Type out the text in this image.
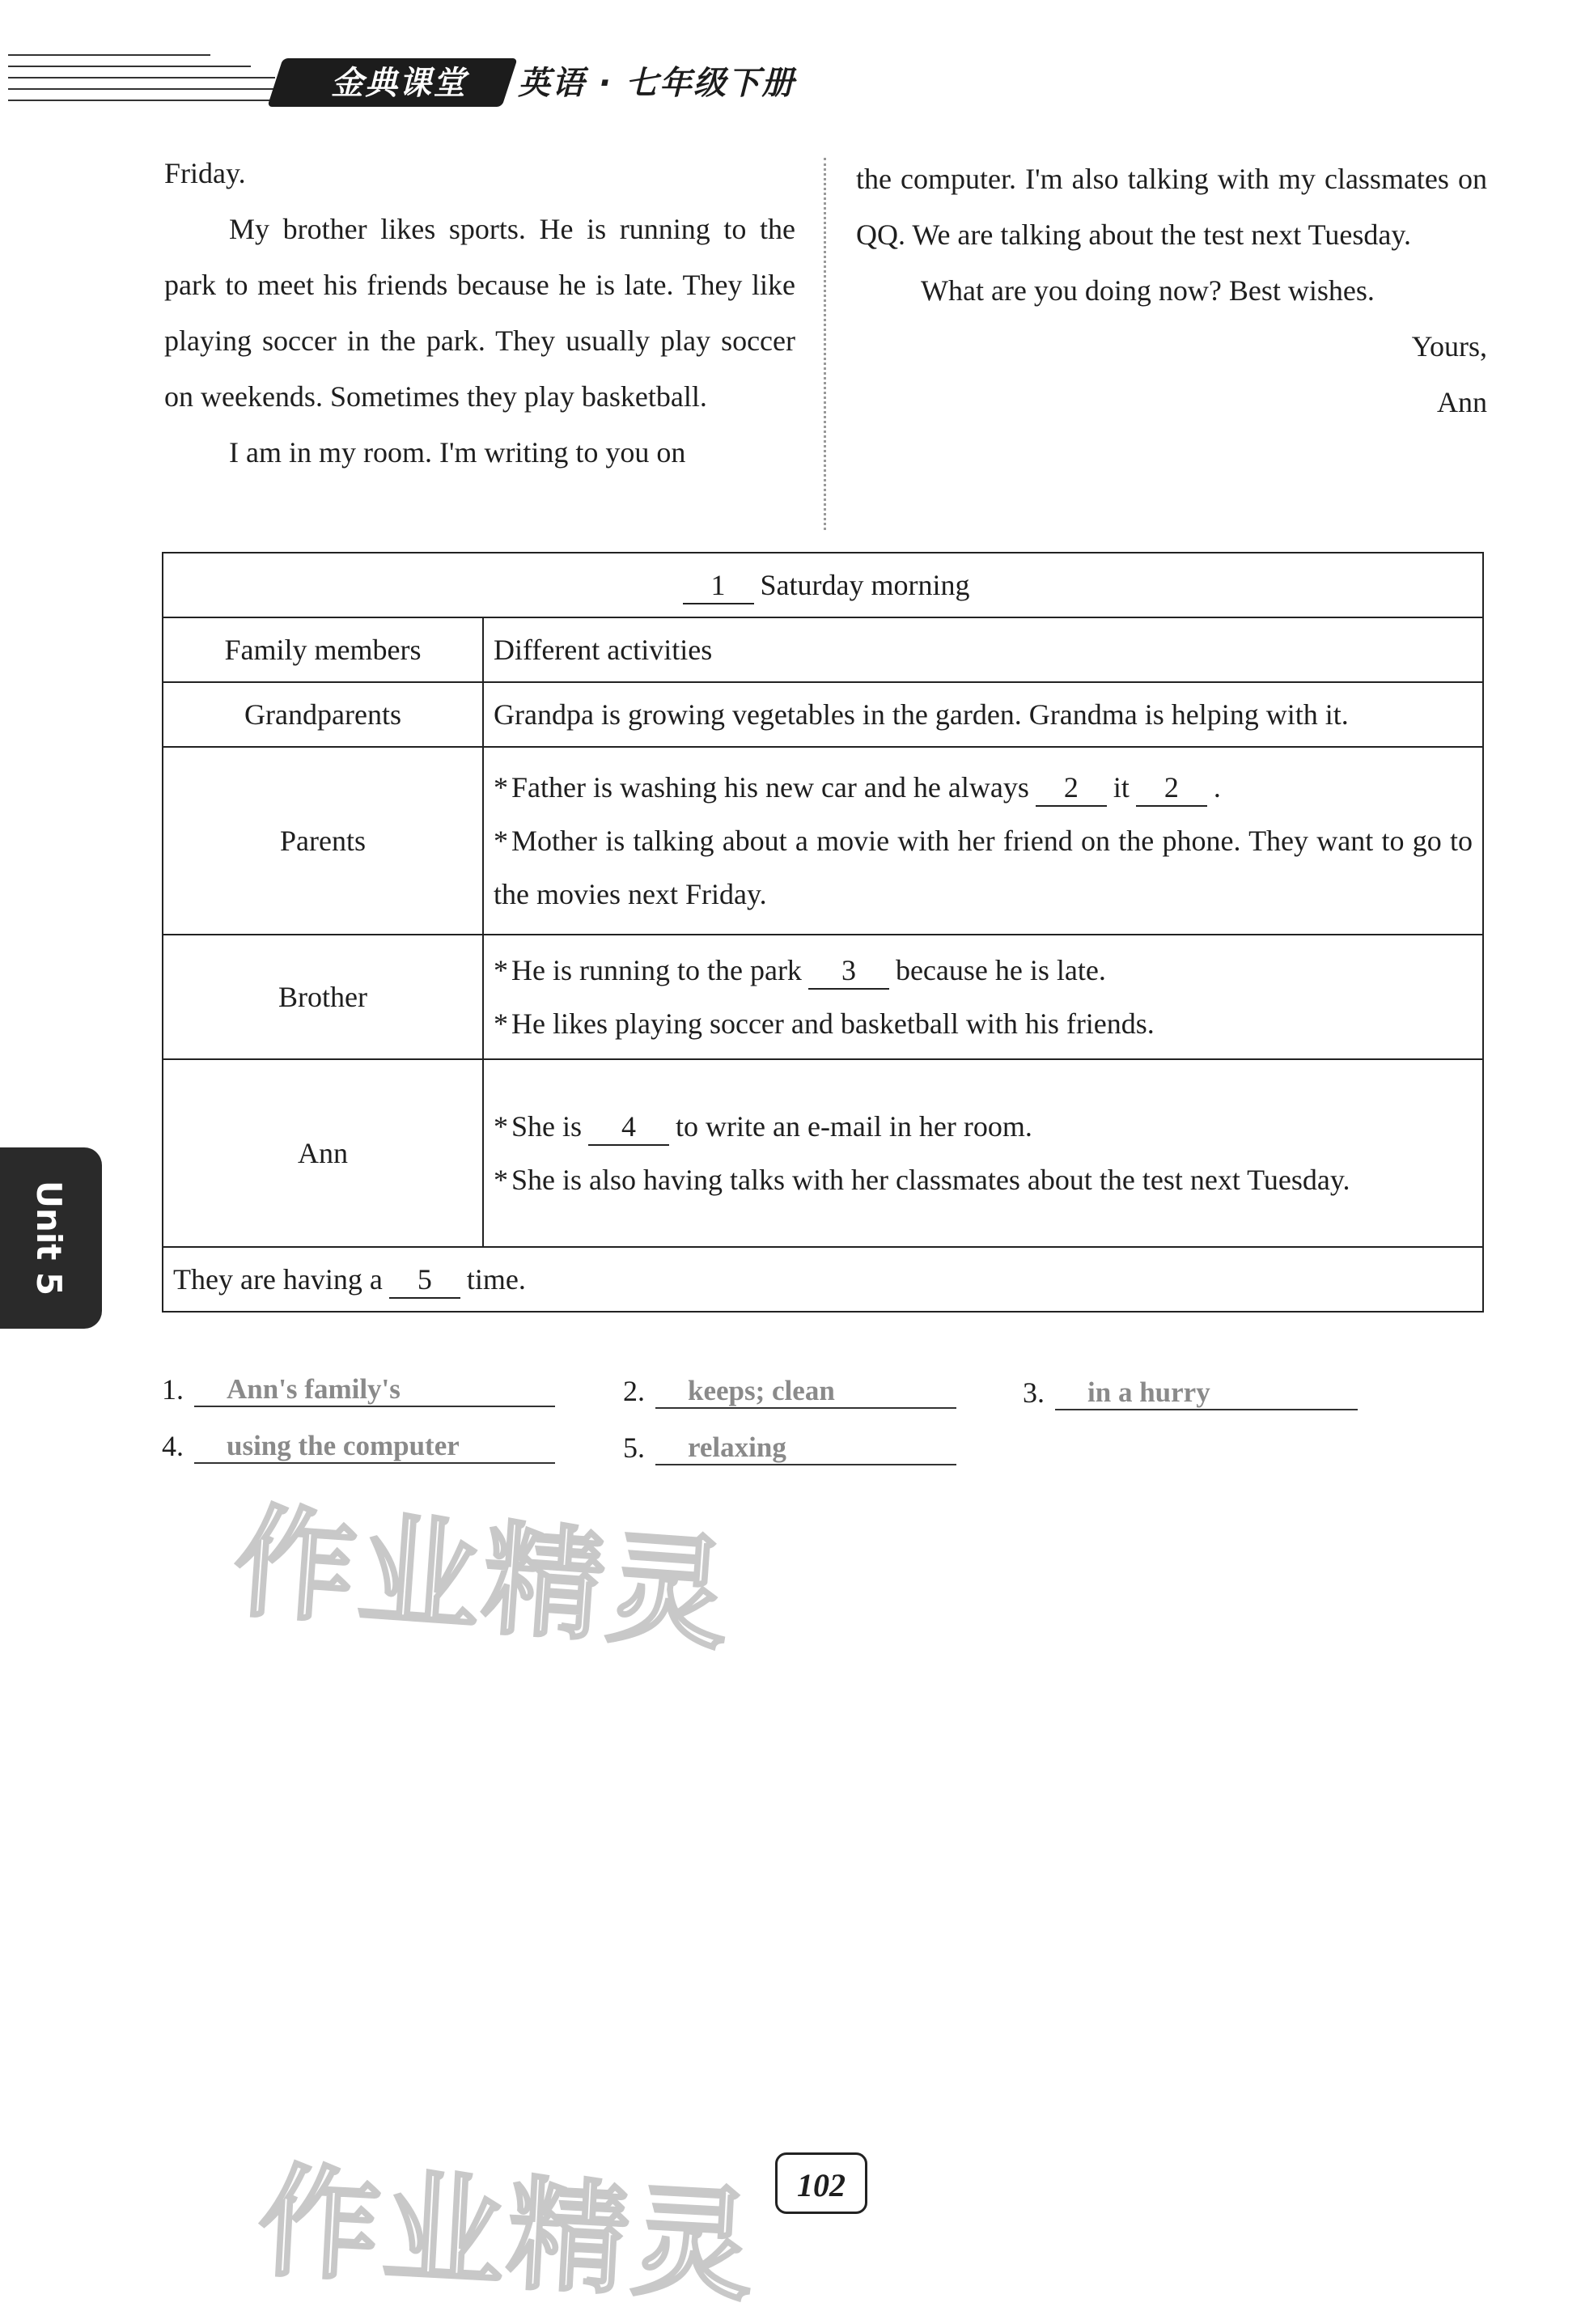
金典课堂	英语 · 七年级下册

Friday.

My brother likes sports. He is running to the park to meet his friends because he is late. They like playing soccer in the park. They usually play soccer on weekends. Sometimes they play basketball.

I am in my room. I'm writing to you on

the computer. I'm also talking with my classmates on QQ. We are talking about the test next Tuesday.

What are you doing now? Best wishes.

Yours,

Ann

1 Saturday morning	
Family members	Different activities
Grandparents	Grandpa is growing vegetables in the garden. Grandma is helping with it.
Parents	* Father is washing his new car and he always 2 it 2 .
* Mother is talking about a movie with her friend on the phone. They want to go to the movies next Friday.

Brother	* He is running to the park 3 because he is late.
* He likes playing soccer and basketball with his friends.

Ann	* She is 4 to write an e-mail in her room.
* She is also having talks with her classmates about the test next Tuesday.

They are having a 5 time.	
1.	Ann's family's	2.	keeps; clean	3.	in a hurry
4.	using the computer	5.	relaxing
作业精灵
作业精灵
Unit 5
102
